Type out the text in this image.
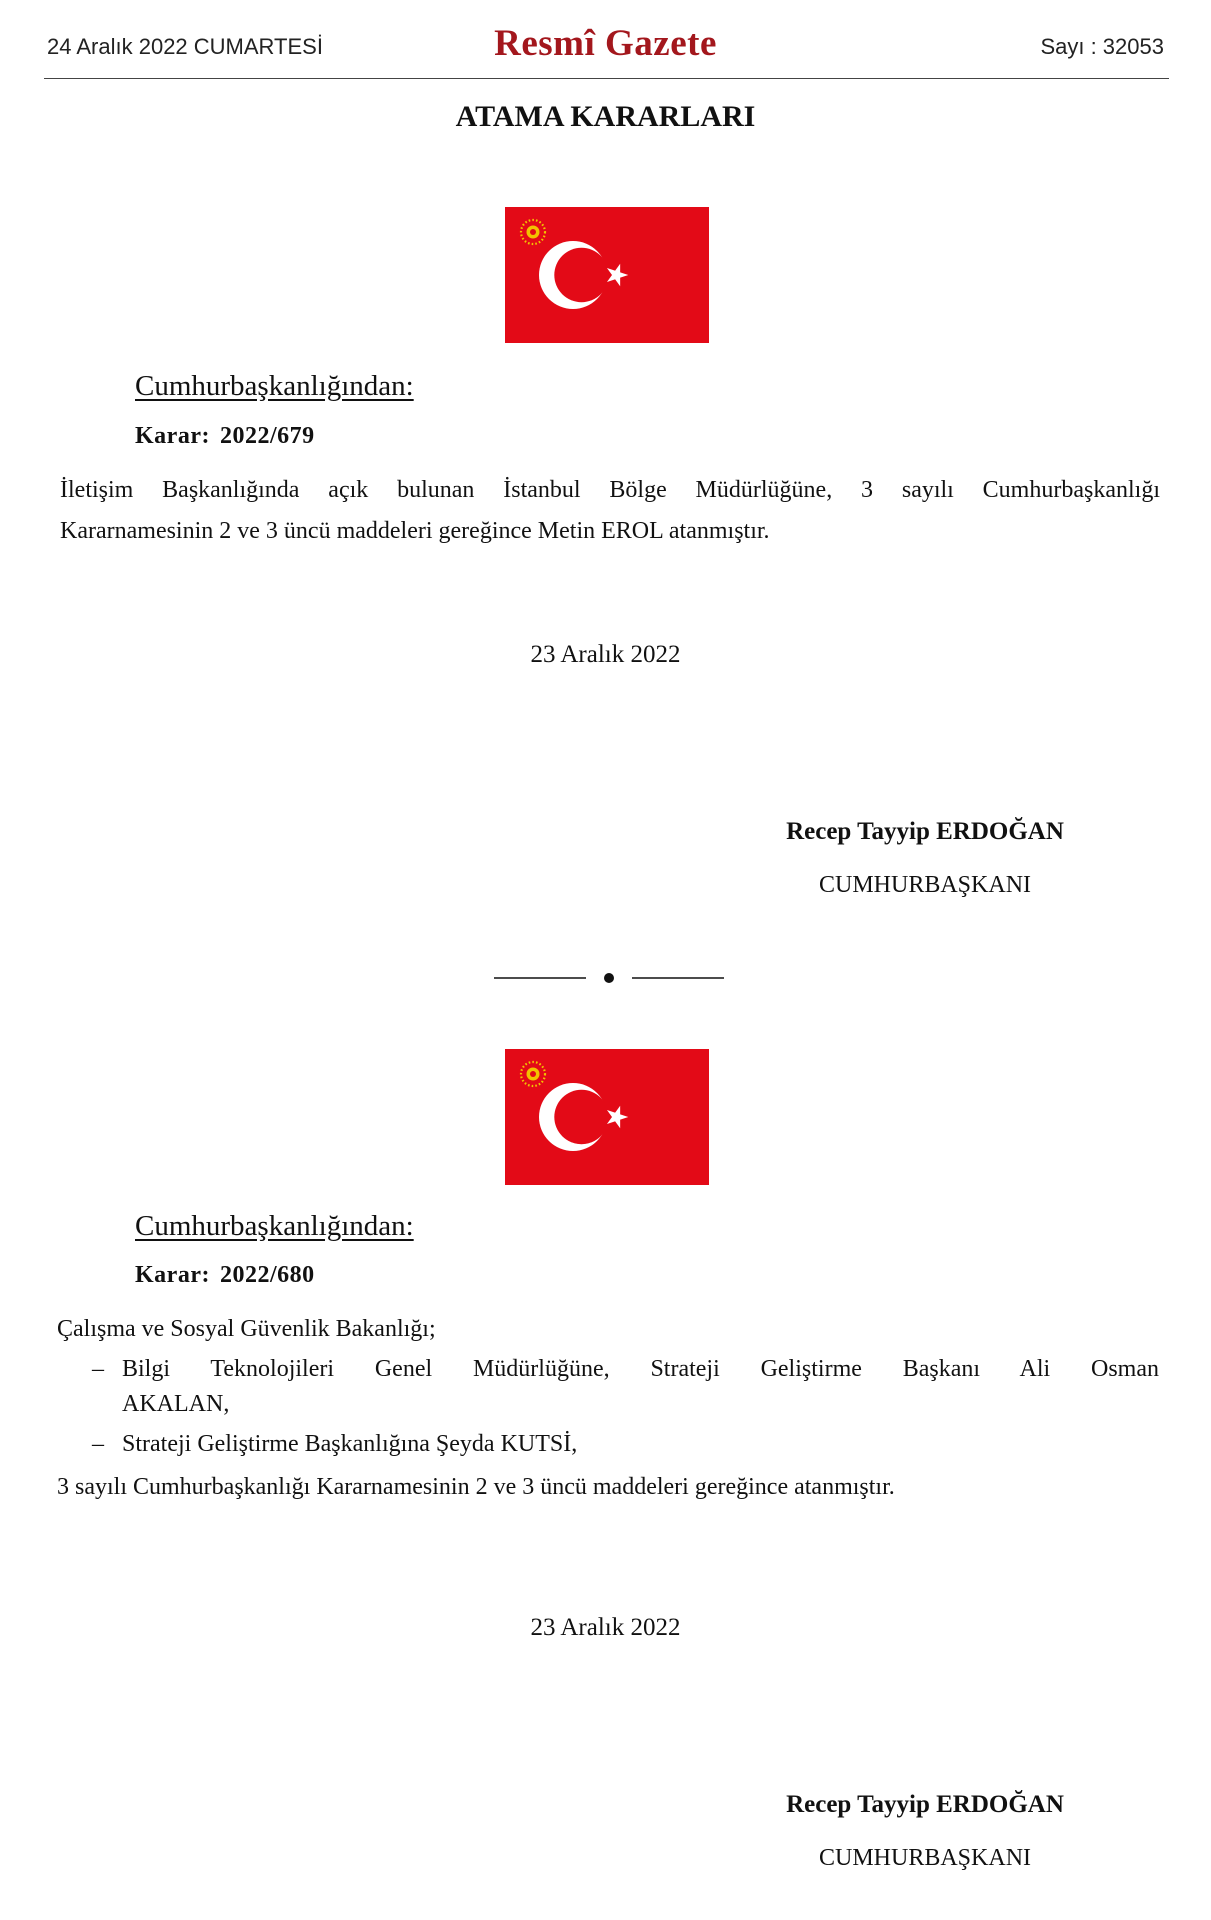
24 Aralık 2022 CUMARTESİ	Resmî Gazete	Sayı : 32053
ATAMA KARARLARI
Cumhurbaşkanlığından:
Karar: 2022/679
İletişim Başkanlığında açık bulunan İstanbul Bölge Müdürlüğüne, 3 sayılı Cumhurbaşkanlığı
Kararnamesinin 2 ve 3 üncü maddeleri gereğince Metin EROL atanmıştır.
23 Aralık 2022
Recep Tayyip ERDOĞAN
CUMHURBAŞKANI
Cumhurbaşkanlığından:
Karar: 2022/680
Çalışma ve Sosyal Güvenlik Bakanlığı;
– Bilgi Teknolojileri Genel Müdürlüğüne, Strateji Geliştirme Başkanı Ali Osman
AKALAN,
– Strateji Geliştirme Başkanlığına Şeyda KUTSİ,
3 sayılı Cumhurbaşkanlığı Kararnamesinin 2 ve 3 üncü maddeleri gereğince atanmıştır.
23 Aralık 2022
Recep Tayyip ERDOĞAN
CUMHURBAŞKANI
